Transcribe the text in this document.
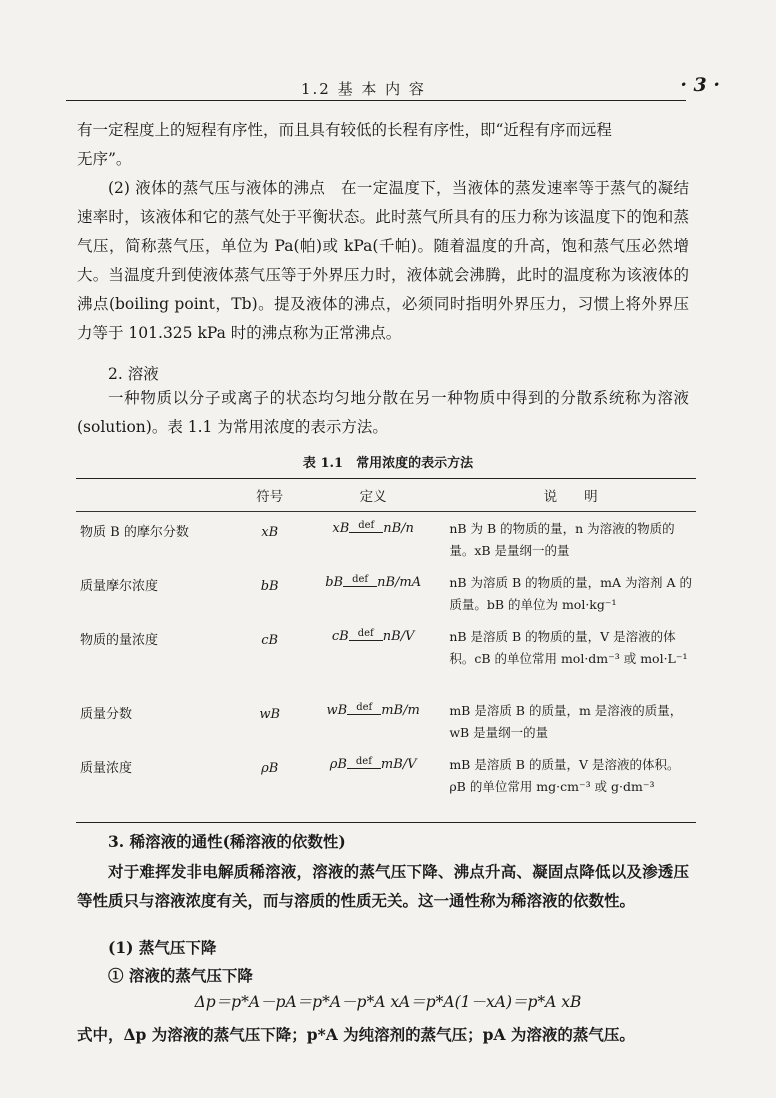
1.2 基 本 内 容	· 3 ·

有一定程度上的短程有序性，而且具有较低的长程有序性，即“近程有序而远程

无序”。

(2) 液体的蒸气压与液体的沸点　在一定温度下，当液体的蒸发速率等于蒸气的凝结速率时，该液体和它的蒸气处于平衡状态。此时蒸气所具有的压力称为该温度下的饱和蒸气压，简称蒸气压，单位为 Pa(帕)或 kPa(千帕)。随着温度的升高，饱和蒸气压必然增大。当温度升到使液体蒸气压等于外界压力时，液体就会沸腾，此时的温度称为该液体的沸点(boiling point，Tb)。提及液体的沸点，必须同时指明外界压力，习惯上将外界压力等于 101.325 kPa 时的沸点称为正常沸点。

2. 溶液

一种物质以分子或离子的状态均匀地分散在另一种物质中得到的分散系统称为溶液(solution)。表 1.1 为常用浓度的表示方法。

表 1.1　常用浓度的表示方法
	符号	定义	说　　明
物质 B 的摩尔分数	xB	xB def nB/n	nB 为 B 的物质的量，n 为溶液的物质的量。xB 是量纲一的量
质量摩尔浓度	bB	bB def nB/mA	nB 为溶质 B 的物质的量，mA 为溶剂 A 的质量。bB 的单位为 mol·kg⁻¹
物质的量浓度	cB	cB def nB/V	nB 是溶质 B 的物质的量，V 是溶液的体积。cB 的单位常用 mol·dm⁻³ 或 mol·L⁻¹
质量分数	wB	wB def mB/m	mB 是溶质 B 的质量，m 是溶液的质量，wB 是量纲一的量
质量浓度	ρB	ρB def mB/V	mB 是溶质 B 的质量，V 是溶液的体积。ρB 的单位常用 mg·cm⁻³ 或 g·dm⁻³
3. 稀溶液的通性(稀溶液的依数性)

对于难挥发非电解质稀溶液，溶液的蒸气压下降、沸点升高、凝固点降低以及渗透压等性质只与溶液浓度有关，而与溶质的性质无关。这一通性称为稀溶液的依数性。

(1) 蒸气压下降
① 溶液的蒸气压下降
Δp＝p*A－pA＝p*A－p*A xA＝p*A(1－xA)＝p*A xB

式中，Δp 为溶液的蒸气压下降；p*A 为纯溶剂的蒸气压；pA 为溶液的蒸气压。
